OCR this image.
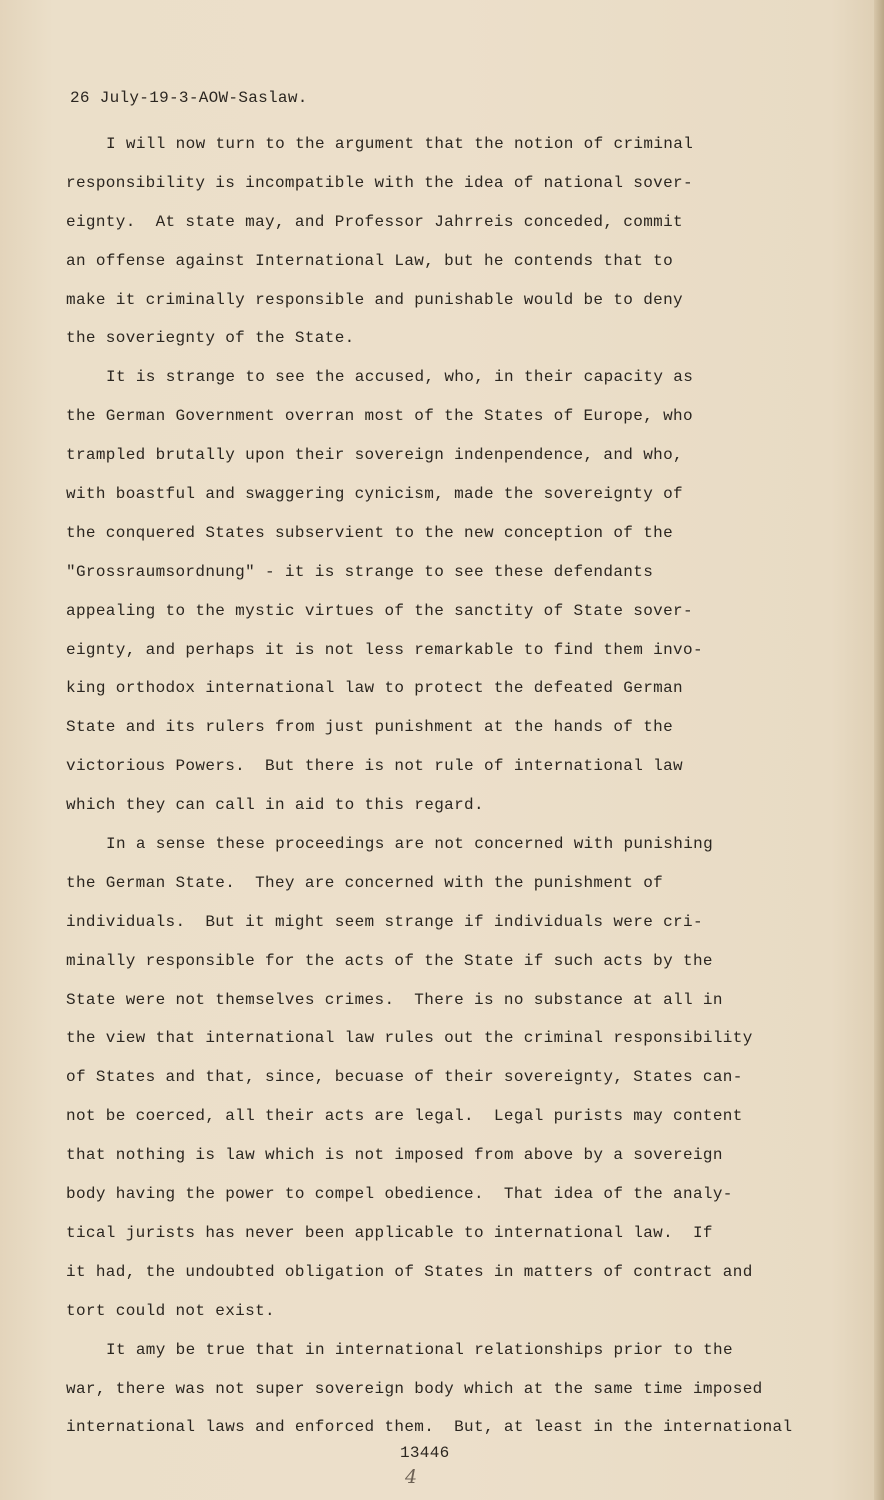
26 July-19-3-AOW-Saslaw.
I will now turn to the argument that the notion of criminal
responsibility is incompatible with the idea of national sover-
eignty.  At state may, and Professor Jahrreis conceded, commit
an offense against International Law, but he contends that to
make it criminally responsible and punishable would be to deny
the soveriegnty of the State.
It is strange to see the accused, who, in their capacity as
the German Government overran most of the States of Europe, who
trampled brutally upon their sovereign indenpendence, and who,
with boastful and swaggering cynicism, made the sovereignty of
the conquered States subservient to the new conception of the
"Grossraumsordnung" - it is strange to see these defendants
appealing to the mystic virtues of the sanctity of State sover-
eignty, and perhaps it is not less remarkable to find them invo-
king orthodox international law to protect the defeated German
State and its rulers from just punishment at the hands of the
victorious Powers.  But there is not rule of international law
which they can call in aid to this regard.
In a sense these proceedings are not concerned with punishing
the German State.  They are concerned with the punishment of
individuals.  But it might seem strange if individuals were cri-
minally responsible for the acts of the State if such acts by the
State were not themselves crimes.  There is no substance at all in
the view that international law rules out the criminal responsibility
of States and that, since, becuase of their sovereignty, States can-
not be coerced, all their acts are legal.  Legal purists may content
that nothing is law which is not imposed from above by a sovereign
body having the power to compel obedience.  That idea of the analy-
tical jurists has never been applicable to international law.  If
it had, the undoubted obligation of States in matters of contract and
tort could not exist.
It amy be true that in international relationships prior to the
war, there was not super sovereign body which at the same time imposed
international laws and enforced them.  But, at least in the international
13446
4
